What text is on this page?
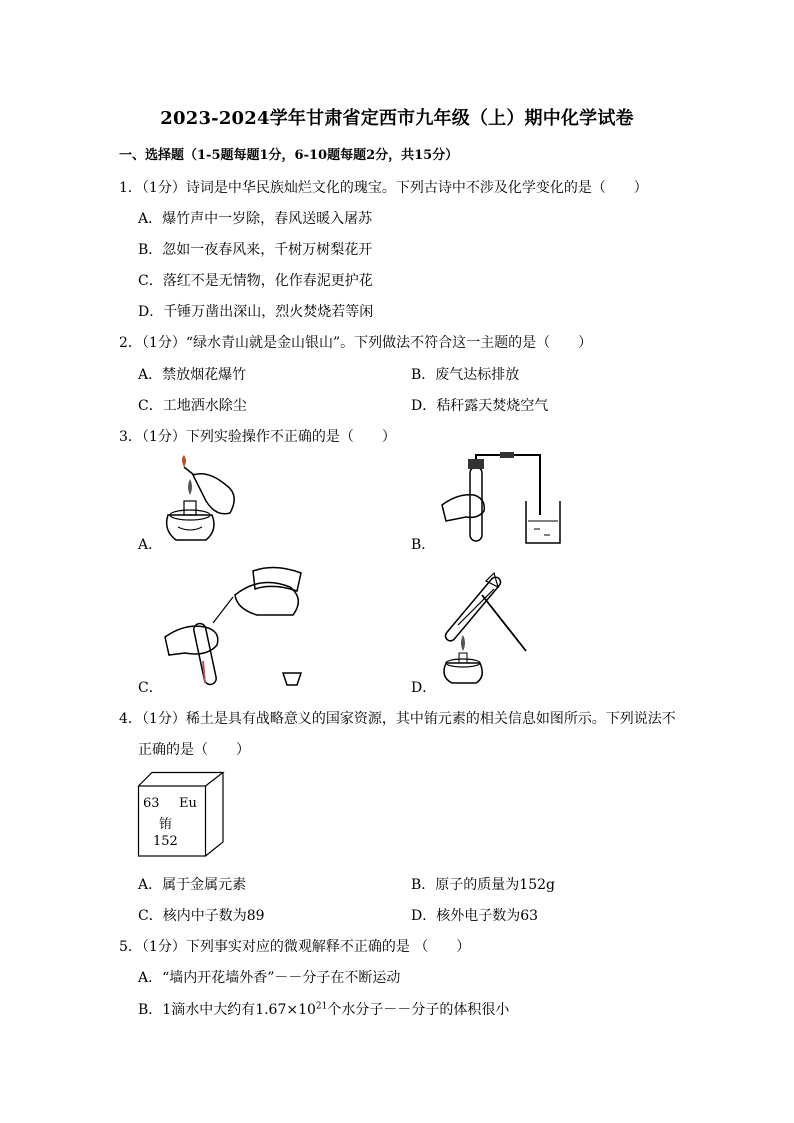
2023-2024学年甘肃省定西市九年级（上）期中化学试卷
一、选择题（1-5题每题1分，6-10题每题2分，共15分）
1．（1分）诗词是中华民族灿烂文化的瑰宝。下列古诗中不涉及化学变化的是（　　）
A．爆竹声中一岁除，春风送暖入屠苏
B．忽如一夜春风来，千树万树梨花开
C．落红不是无情物，化作春泥更护花
D．千锤万凿出深山，烈火焚烧若等闲
2．（1分）“绿水青山就是金山银山”。下列做法不符合这一主题的是（　　）
A．禁放烟花爆竹	B．废气达标排放
C．工地洒水除尘	D．秸秆露天焚烧空气
3．（1分）下列实验操作不正确的是（　　）
A．	B．
C．	D．
4．（1分）稀土是具有战略意义的国家资源，其中铕元素的相关信息如图所示。下列说法不
正确的是（　　）
63 Eu
铕
152
A．属于金属元素	B．原子的质量为152g
C．核内中子数为89	D．核外电子数为63
5．（1分）下列事实对应的微观解释不正确的是 （　　）
A．“墙内开花墙外香”－－分子在不断运动
B．1滴水中大约有$1.67\times 10^{21}$个水分子－－分子的体积很小
